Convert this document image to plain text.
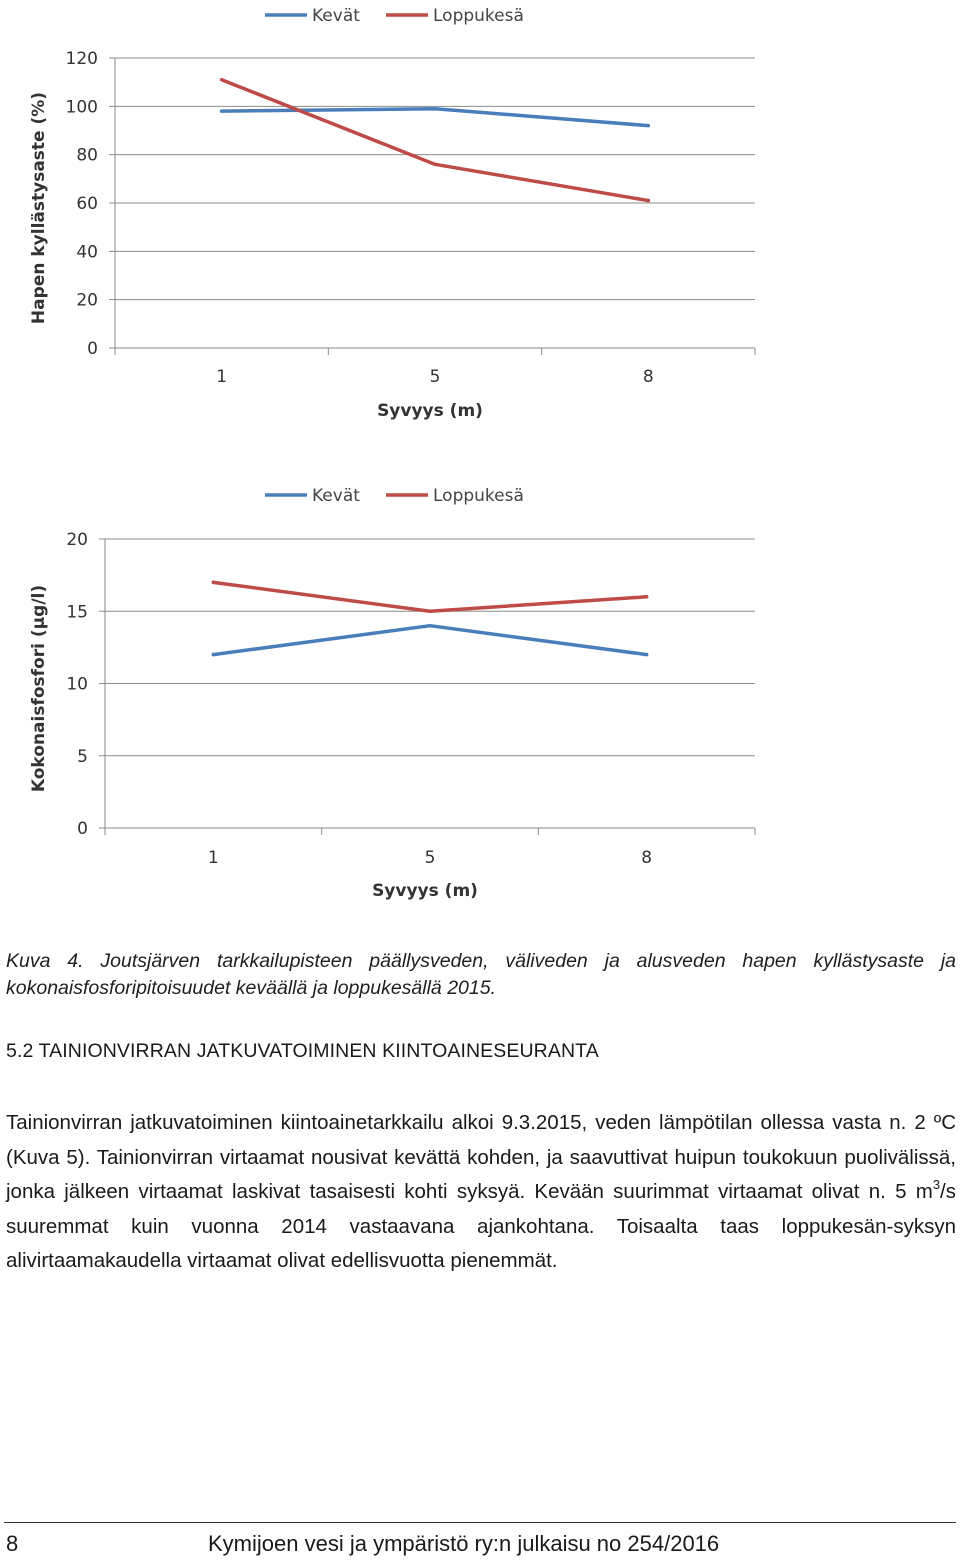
0
20
40
60
80
100
120
1	5	8
Syvyys (m)
Hapen kyllästysaste (%)
Kevät	Loppukesä
0
5
10
15
20
1	5	8
Syvyys (m)
Kokonaisfosfori (µg/l)
Kevät	Loppukesä
Kuva 4. Joutsjärven tarkkailupisteen päällysveden, väliveden ja alusveden hapen kyllästysaste ja kokonaisfosforipitoisuudet keväällä ja loppukesällä 2015.
5.2 TAINIONVIRRAN JATKUVATOIMINEN KIINTOAINESEURANTA
Tainionvirran jatkuvatoiminen kiintoainetarkkailu alkoi 9.3.2015, veden lämpötilan ollessa vasta n. 2 ºC (Kuva 5). Tainionvirran virtaamat nousivat kevättä kohden, ja saavuttivat huipun toukokuun puolivälissä, jonka jälkeen virtaamat laskivat tasaisesti kohti syksyä. Kevään suurimmat virtaamat olivat n. 5 $m^3/s$ suuremmat kuin vuonna 2014 vastaavana ajankohtana. Toisaalta taas loppukesän-syksyn alivirtaamakaudella virtaamat olivat edellisvuotta pienemmät.
8	Kymijoen vesi ja ympäristö ry:n julkaisu no 254/2016
